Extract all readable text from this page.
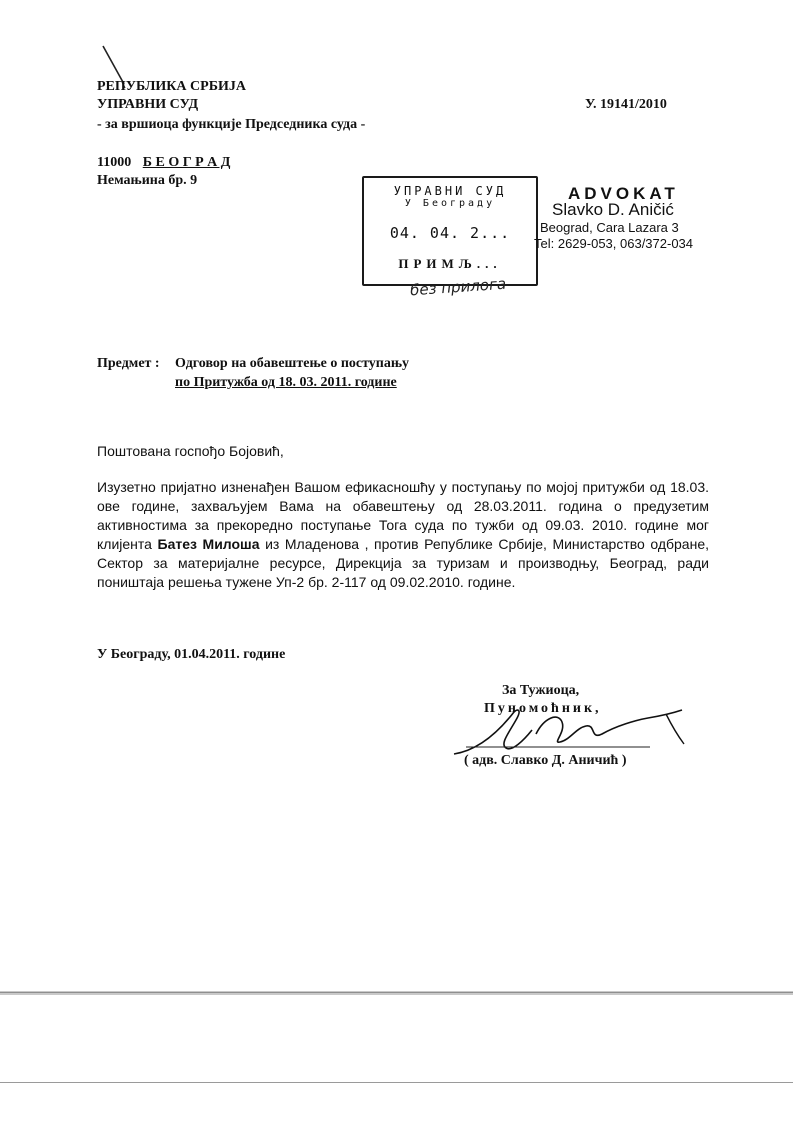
РЕПУБЛИКА СРБИЈА
УПРАВНИ СУД
- за вршиоца функције Председника суда -
У. 19141/2010
11000 Б Е О Г Р А Д
Немањина бр. 9
УПРАВНИ СУД
У Београду
04. 04. 2...
ПРИМЉ...
без прилога
ADVOKAT
Slavko D. Aničić
Beograd, Cara Lazara 3
Tel: 2629-053, 063/372-034
Предмет : Одговор на обавештење о поступању
по Притужба од 18. 03. 2011. године
Поштована госпођо Бојовић,
Изузетно пријатно изненађен Вашом ефикасношћу у поступању по мојој притужби од 18.03. ове године, захваљујем Вама на обавештењу од 28.03.2011. година о предузетим активностима за прекоредно поступање Тога суда по тужби од 09.03. 2010. године мог клијента Батез Милоша из Младенова , против Републике Србије, Министарство одбране, Сектор за материјалне ресурсе, Дирекција за туризам и производњу, Београд, ради поништаја решења тужене Уп-2 бр. 2-117 од 09.02.2010. године.
У Београду, 01.04.2011. године
За Тужиоца,
Пуномоћник,
( адв. Славко Д. Аничић )
